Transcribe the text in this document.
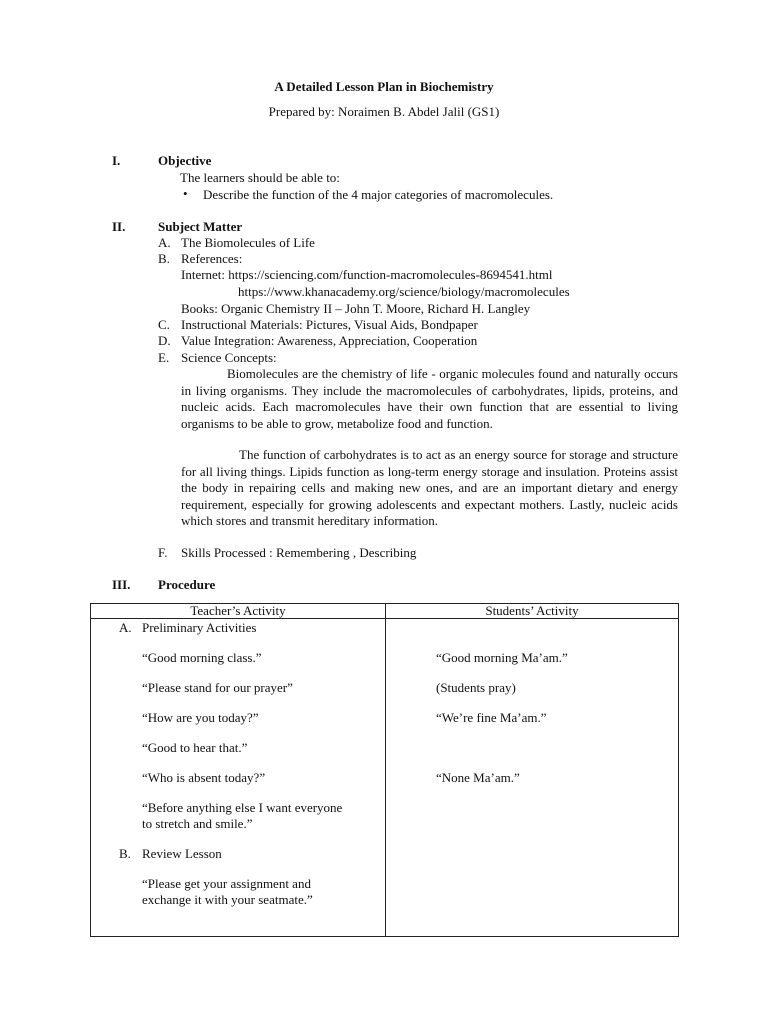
A Detailed Lesson Plan in Biochemistry
Prepared by: Noraimen B. Abdel Jalil (GS1)
I.	Objective
The learners should be able to:
• Describe the function of the 4 major categories of macromolecules.
II.	Subject Matter
A. The Biomolecules of Life
B. References:
Internet: https://sciencing.com/function-macromolecules-8694541.html
https://www.khanacademy.org/science/biology/macromolecules
Books: Organic Chemistry II – John T. Moore, Richard H. Langley
C. Instructional Materials: Pictures, Visual Aids, Bondpaper
D. Value Integration: Awareness, Appreciation, Cooperation
E. Science Concepts:
Biomolecules are the chemistry of life - organic molecules found and naturally occurs in living organisms. They include the macromolecules of carbohydrates, lipids, proteins, and nucleic acids. Each macromolecules have their own function that are essential to living organisms to be able to grow, metabolize food and function.
The function of carbohydrates is to act as an energy source for storage and structure for all living things. Lipids function as long-term energy storage and insulation. Proteins assist the body in repairing cells and making new ones, and are an important dietary and energy requirement, especially for growing adolescents and expectant mothers. Lastly, nucleic acids which stores and transmit hereditary information.
F. Skills Processed : Remembering , Describing
III. Procedure
Teacher’s Activity	Students’ Activity
A. Preliminary Activities
“Good morning class.”	“Good morning Ma’am.”
“Please stand for our prayer”	(Students pray)
“How are you today?”	“We’re fine Ma’am.”
“Good to hear that.”
“Who is absent today?”	“None Ma’am.”
“Before anything else I want everyone
to stretch and smile.”
B. Review Lesson
“Please get your assignment and
exchange it with your seatmate.”
